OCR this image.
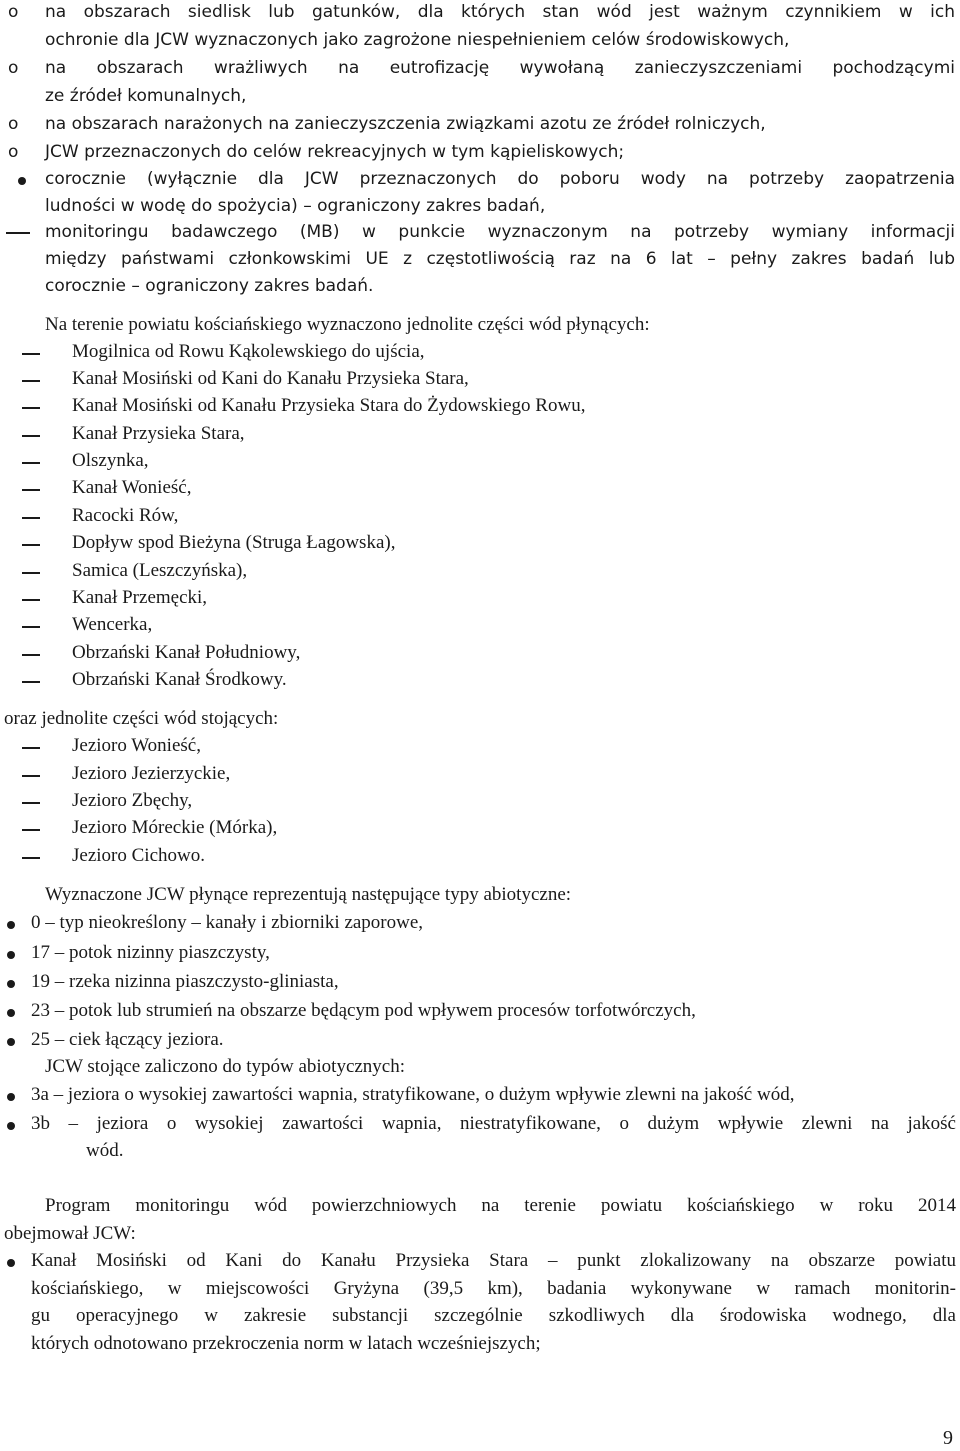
o na obszarach siedlisk lub gatunków, dla których stan wód jest ważnym czynnikiem w ich
ochronie dla JCW wyznaczonych jako zagrożone niespełnieniem celów środowiskowych,
o na obszarach wrażliwych na eutrofizację wywołaną zanieczyszczeniami pochodzącymi
ze źródeł komunalnych,
o na obszarach narażonych na zanieczyszczenia związkami azotu ze źródeł rolniczych,
o JCW przeznaczonych do celów rekreacyjnych w tym kąpieliskowych;
corocznie (wyłącznie dla JCW przeznaczonych do poboru wody na potrzeby zaopatrzenia
ludności w wodę do spożycia) – ograniczony zakres badań,
monitoringu badawczego (MB) w punkcie wyznaczonym na potrzeby wymiany informacji
między państwami członkowskimi UE z częstotliwością raz na 6 lat – pełny zakres badań lub
corocznie – ograniczony zakres badań.
Na terenie powiatu kościańskiego wyznaczono jednolite części wód płynących:
Mogilnica od Rowu Kąkolewskiego do ujścia,
Kanał Mosiński od Kani do Kanału Przysieka Stara,
Kanał Mosiński od Kanału Przysieka Stara do Żydowskiego Rowu,
Kanał Przysieka Stara,
Olszynka,
Kanał Wonieść,
Racocki Rów,
Dopływ spod Bieżyna (Struga Łagowska),
Samica (Leszczyńska),
Kanał Przemęcki,
Wencerka,
Obrzański Kanał Południowy,
Obrzański Kanał Środkowy.
oraz jednolite części wód stojących:
Jezioro Wonieść,
Jezioro Jezierzyckie,
Jezioro Zbęchy,
Jezioro Móreckie (Mórka),
Jezioro Cichowo.
Wyznaczone JCW płynące reprezentują następujące typy abiotyczne:
0 – typ nieokreślony – kanały i zbiorniki zaporowe,
17 – potok nizinny piaszczysty,
19 – rzeka nizinna piaszczysto-gliniasta,
23 – potok lub strumień na obszarze będącym pod wpływem procesów torfotwórczych,
25 – ciek łączący jeziora.
JCW stojące zaliczono do typów abiotycznych:
3a – jeziora o wysokiej zawartości wapnia, stratyfikowane, o dużym wpływie zlewni na jakość wód,
3b – jeziora o wysokiej zawartości wapnia, niestratyfikowane, o dużym wpływie zlewni na jakość
wód.
Program monitoringu wód powierzchniowych na terenie powiatu kościańskiego w roku 2014
obejmował JCW:
Kanał Mosiński od Kani do Kanału Przysieka Stara – punkt zlokalizowany na obszarze powiatu
kościańskiego, w miejscowości Gryżyna (39,5 km), badania wykonywane w ramach monitorin-
gu operacyjnego w zakresie substancji szczególnie szkodliwych dla środowiska wodnego, dla
których odnotowano przekroczenia norm w latach wcześniejszych;
9
